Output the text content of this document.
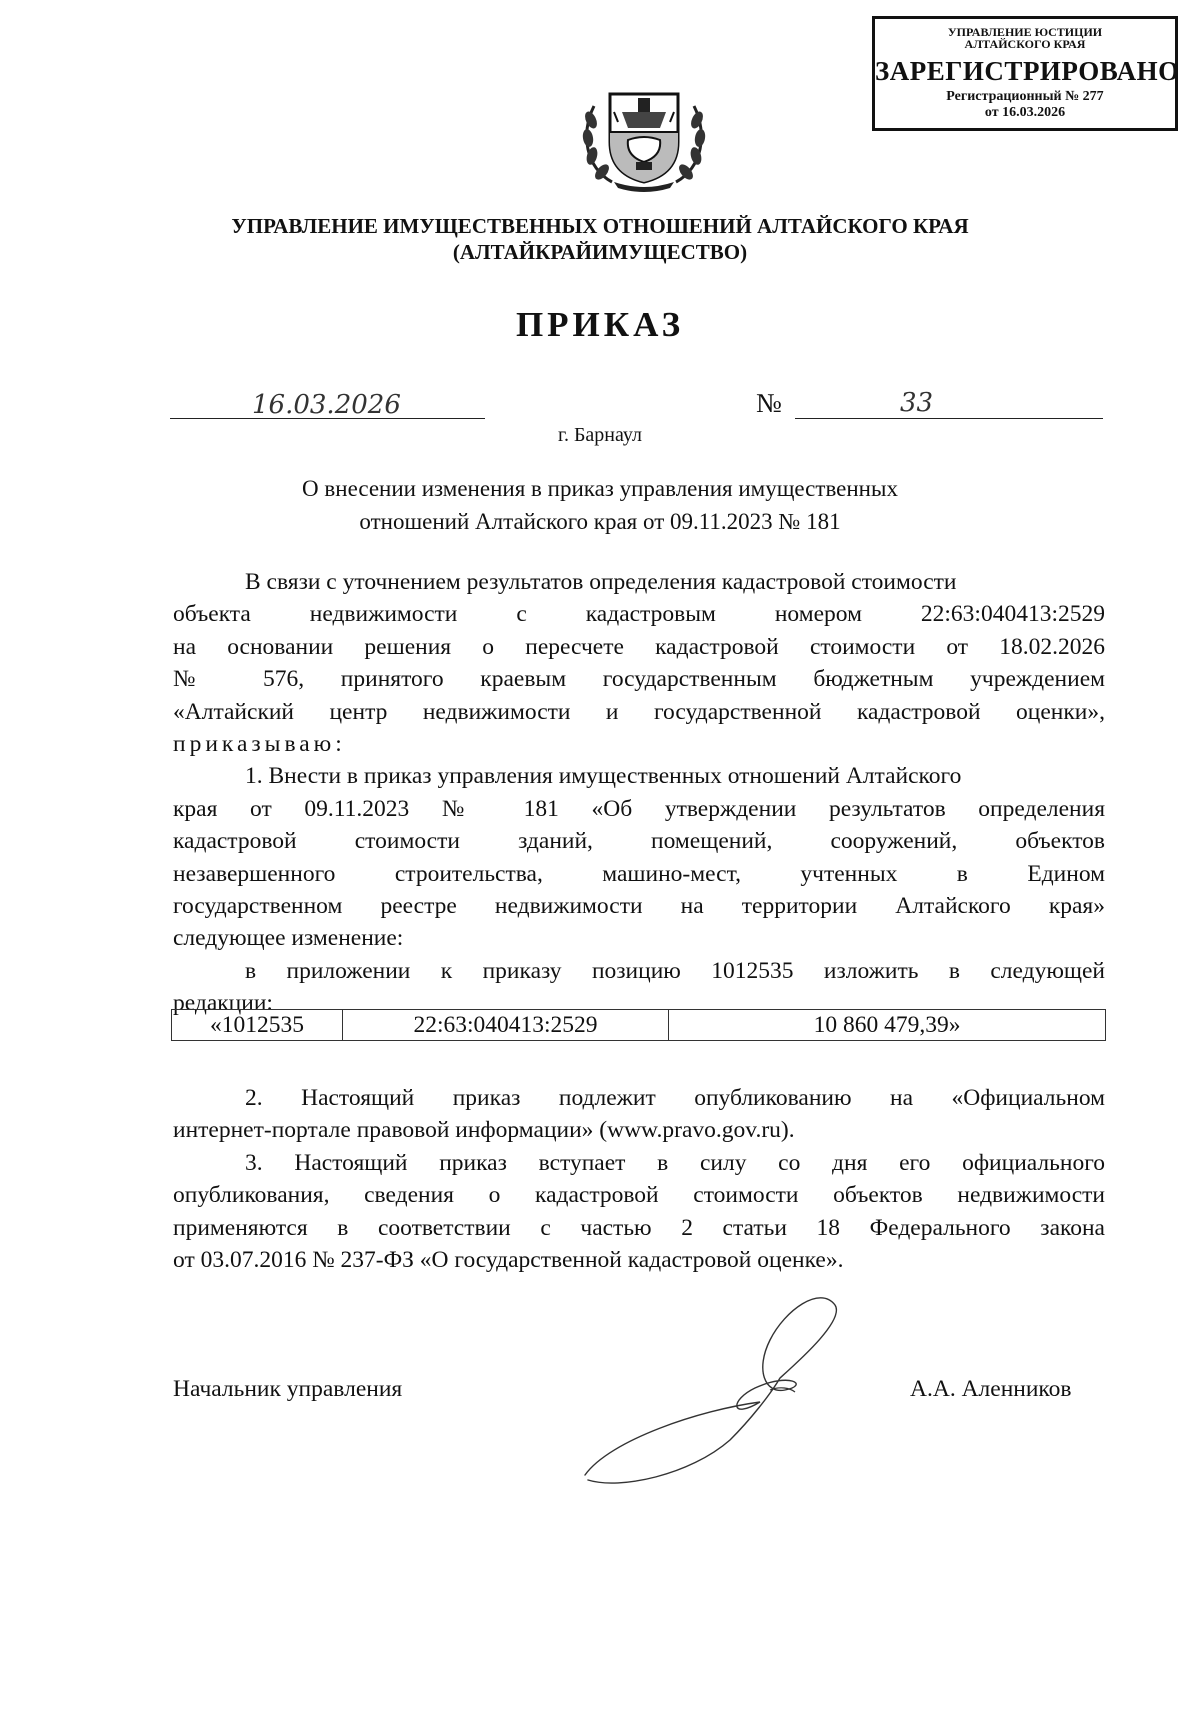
УПРАВЛЕНИЕ ЮСТИЦИИ
АЛТАЙСКОГО КРАЯ
ЗАРЕГИСТРИРОВАНО
Регистрационный № 277
от 16.03.2026
УПРАВЛЕНИЕ ИМУЩЕСТВЕННЫХ ОТНОШЕНИЙ АЛТАЙСКОГО КРАЯ
(АЛТАЙКРАЙИМУЩЕСТВО)
ПРИКАЗ
16.03.2026	№	33
г. Барнаул
О внесении изменения в приказ управления имущественных
отношений Алтайского края от 09.11.2023 № 181
В связи с уточнением результатов определения кадастровой стоимости
объекта недвижимости с кадастровым номером 22:63:040413:2529
на основании решения о пересчете кадастровой стоимости от 18.02.2026
№ 576, принятого краевым государственным бюджетным учреждением
«Алтайский центр недвижимости и государственной кадастровой оценки»,
приказываю:
1. Внести в приказ управления имущественных отношений Алтайского
края от 09.11.2023 № 181 «Об утверждении результатов определения
кадастровой стоимости зданий, помещений, сооружений, объектов
незавершенного строительства, машино-мест, учтенных в Едином
государственном реестре недвижимости на территории Алтайского края»
следующее изменение:
в приложении к приказу позицию 1012535 изложить в следующей
редакции:
«1012535	22:63:040413:2529	10 860 479,39»
2. Настоящий приказ подлежит опубликованию на «Официальном
интернет-портале правовой информации» (www.pravo.gov.ru).
3. Настоящий приказ вступает в силу со дня его официального
опубликования, сведения о кадастровой стоимости объектов недвижимости
применяются в соответствии с частью 2 статьи 18 Федерального закона
от 03.07.2016 № 237-ФЗ «О государственной кадастровой оценке».
Начальник управления	А.А. Аленников
